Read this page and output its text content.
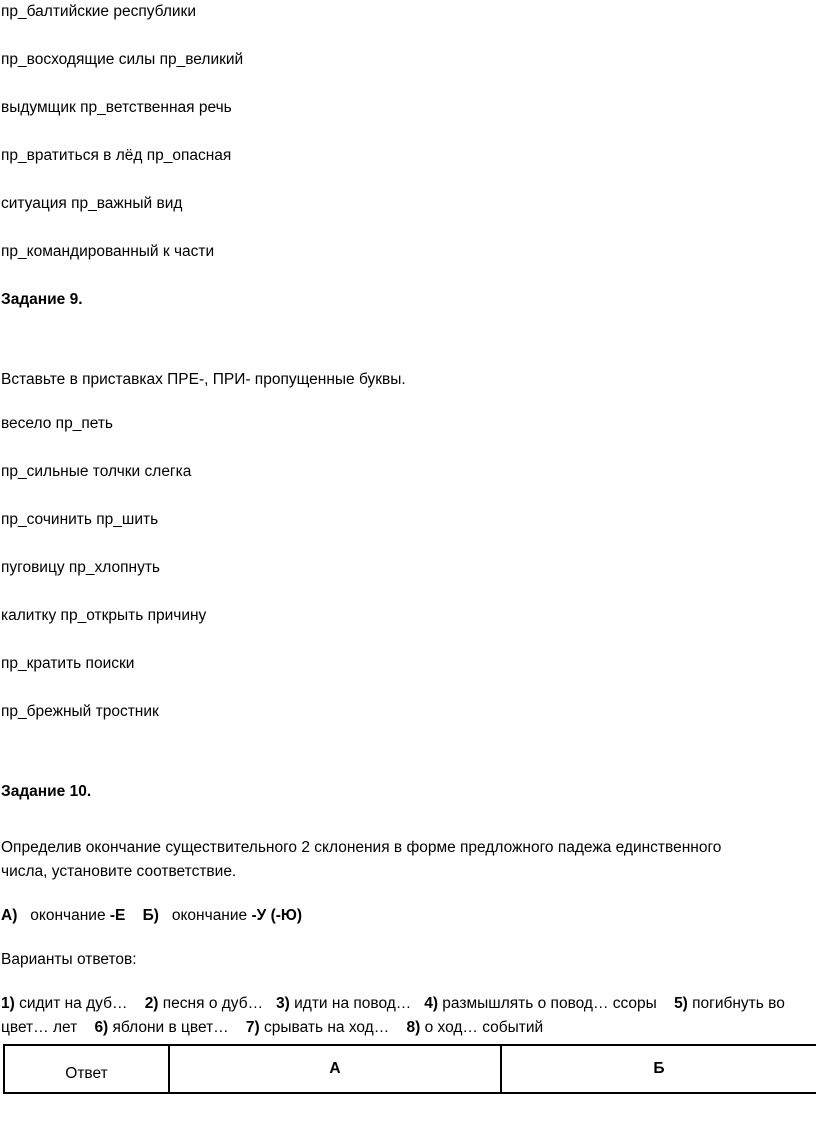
пр_балтийские республики
пр_восходящие силы пр_великий
выдумщик пр_ветственная речь
пр_вратиться в лёд пр_опасная
ситуация пр_важный вид
пр_командированный к части
Задание 9.
Вставьте в приставках ПРЕ-, ПРИ- пропущенные буквы.
весело пр_петь
пр_сильные толчки слегка
пр_сочинить пр_шить
пуговицу пр_хлопнуть
калитку пр_открыть причину
пр_кратить поиски
пр_брежный тростник
Задание 10.
Определив окончание существительного 2 склонения в форме предложного падежа единственного
числа, установите соответствие.
А) окончание -Е Б) окончание -У (-Ю)
Варианты ответов:
1) сидит на дуб… 2) песня о дуб… 3) идти на повод… 4) размышлять о повод… ссоры 5) погибнуть во
цвет… лет 6) яблони в цвет… 7) срывать на ход… 8) о ход… событий
Ответ	А	Б
